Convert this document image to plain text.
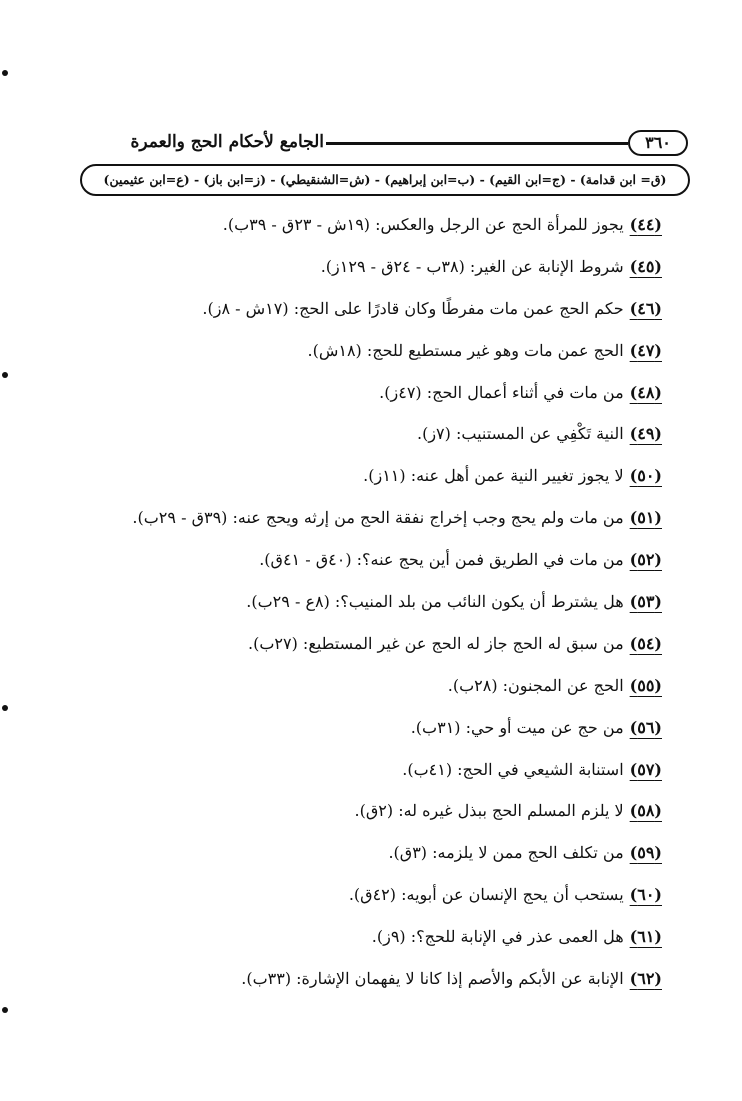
٣٦٠
الجامع لأحكام الحج والعمرة
(ق= ابن قدامة) - (ج=ابن القيم) - (ب=ابن إبراهيم) - (ش=الشنقيطي) - (ز=ابن باز) - (ع=ابن عثيمين)
(٤٤)يجوز للمرأة الحج عن الرجل والعكس: (١٩ش - ٢٣ق - ٣٩ب).
(٤٥)شروط الإنابة عن الغير: (٣٨ب - ٢٤ق - ١٢٩ز).
(٤٦)حكم الحج عمن مات مفرطًا وكان قادرًا على الحج: (١٧ش - ٨ز).
(٤٧)الحج عمن مات وهو غير مستطيع للحج: (١٨ش).
(٤٨)من مات في أثناء أعمال الحج: (٤٧ز).
(٤٩)النية تَكْفِي عن المستنيب: (٧ز).
(٥٠)لا يجوز تغيير النية عمن أهل عنه: (١١ز).
(٥١)من مات ولم يحج وجب إخراج نفقة الحج من إرثه ويحج عنه: (٣٩ق - ٢٩ب).
(٥٢)من مات في الطريق فمن أين يحج عنه؟: (٤٠ق - ٤١ق).
(٥٣)هل يشترط أن يكون النائب من بلد المنيب؟: (٨ع - ٢٩ب).
(٥٤)من سبق له الحج جاز له الحج عن غير المستطيع: (٢٧ب).
(٥٥)الحج عن المجنون: (٢٨ب).
(٥٦)من حج عن ميت أو حي: (٣١ب).
(٥٧)استنابة الشيعي في الحج: (٤١ب).
(٥٨)لا يلزم المسلم الحج ببذل غيره له: (٢ق).
(٥٩)من تكلف الحج ممن لا يلزمه: (٣ق).
(٦٠)يستحب أن يحج الإنسان عن أبويه: (٤٢ق).
(٦١)هل العمى عذر في الإنابة للحج؟: (٩ز).
(٦٢)الإنابة عن الأبكم والأصم إذا كانا لا يفهمان الإشارة: (٣٣ب).
